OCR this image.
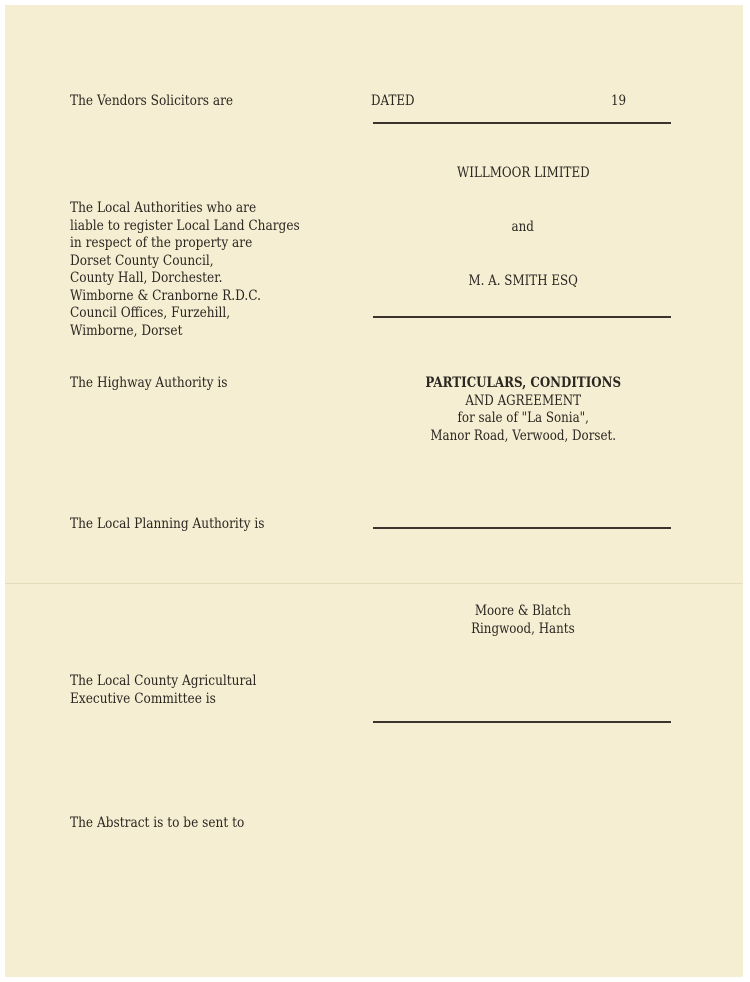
The Vendors Solicitors are
The Local Authorities who are
liable to register Local Land Charges
in respect of the property are
Dorset County Council,
County Hall, Dorchester.
Wimborne & Cranborne R.D.C.
Council Offices, Furzehill,
Wimborne, Dorset
The Highway Authority is
The Local Planning Authority is
The Local County Agricultural
Executive Committee is
The Abstract is to be sent to
DATED	19
WILLMOOR LIMITED
and
M. A. SMITH ESQ
PARTICULARS, CONDITIONS
AND AGREEMENT
for sale of "La Sonia",
Manor Road, Verwood, Dorset.
Moore & Blatch
Ringwood, Hants
